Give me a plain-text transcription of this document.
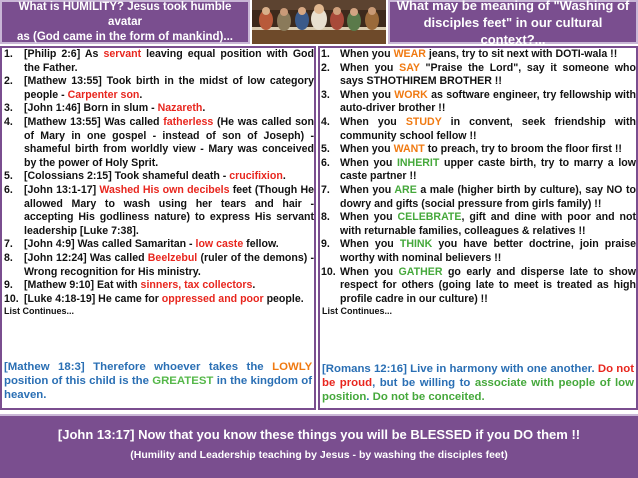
What is HUMILITY? Jesus took humble avatar
as (God came in the form of mankind)...
What may be meaning of "Washing of
disciples feet" in our cultural context?...
1.	[Philip 2:6] As servant leaving equal position with God the Father.
2.	[Mathew 13:55] Took birth in the midst of low category people - Carpenter son.
3.	[John 1:46] Born in slum - Nazareth.
4.	[Mathew 13:55] Was called fatherless (He was called son of Mary in one gospel - instead of son of Joseph) - shameful birth from worldly view - Mary was conceived by the power of Holy Sprit.
5.	[Colossians 2:15] Took shameful death - crucifixion.
6.	[John 13:1-17] Washed His own decibels feet (Though He allowed Mary to wash using her tears and hair - accepting His godliness nature) to express His servant leadership [Luke 7:38].
7.	[John 4:9] Was called Samaritan - low caste fellow.
8.	[John 12:24] Was called Beelzebul (ruler of the demons) - Wrong recognition for His ministry.
9.	[Mathew 9:10] Eat with sinners, tax collectors.
10. [Luke 4:18-19] He came for oppressed and poor people.
List Continues...
[Mathew 18:3] Therefore whoever takes the LOWLY position of this child is the GREATEST in the kingdom of heaven.
1. When you WEAR jeans, try to sit next with DOTI-wala !!
2. When you SAY "Praise the Lord", say it someone who says STHOTHIREM BROTHER !!
3. When you WORK as software engineer, try fellowship with auto-driver brother !!
4. When you STUDY in convent, seek friendship with community school fellow !!
5. When you WANT to preach, try to broom the floor first !!
6. When you INHERIT upper caste birth, try to marry a low caste partner !!
7. When you ARE a male (higher birth by culture), say NO to dowry and gifts (social pressure from girls family) !!
8. When you CELEBRATE, gift and dine with poor and not with returnable families, colleagues & relatives !!
9. When you THINK you have better doctrine, join praise worthy with nominal believers !!
10. When you GATHER go early and disperse late to show respect for others (going late to meet is treated as high profile cadre in our culture) !!
List Continues...
[Romans 12:16] Live in harmony with one another. Do not be proud, but be willing to associate with people of low position. Do not be conceited.
[John 13:17] Now that you know these things you will be BLESSED if you DO them !!
(Humility and Leadership teaching by Jesus - by washing the disciples feet)
